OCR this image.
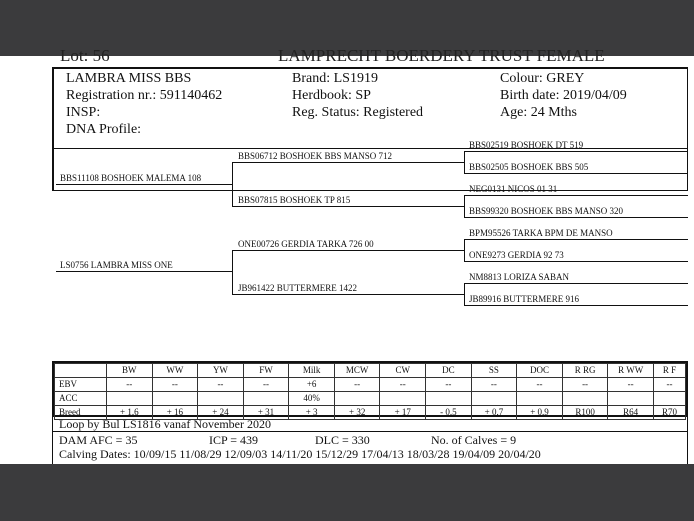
Lot: 56	LAMPRECHT BOERDERY TRUST FEMALE
LAMBRA MISS BBS
Registration nr.: 591140462
INSP:
DNA Profile:
Brand: LS1919
Herdbook: SP
Reg. Status: Registered
Colour: GREY
Birth date: 2019/04/09
Age: 24 Mths
BBS11108 BOSHOEK MALEMA 108
LS0756 LAMBRA MISS ONE
BBS06712 BOSHOEK BBS MANSO 712
BBS07815 BOSHOEK TP 815
ONE00726 GERDIA TARKA 726 00
JB961422 BUTTERMERE 1422
BBS02519 BOSHOEK DT 519
BBS02505 BOSHOEK BBS 505
NEG0131 NICOS 01 31
BBS99320 BOSHOEK BBS MANSO 320
BPM95526 TARKA BPM DE MANSO
ONE9273 GERDIA 92 73
NM8813 LORIZA SABAN
JB89916 BUTTERMERE 916
	BW	WW	YW	FW	Milk	MCW	CW	DC	SS	DOC	R RG	R WW	R F
EBV	--	--	--	--	+6	--	--	--	--	--	--	--	--
ACC					40%								
Breed	+ 1.6	+ 16	+ 24	+ 31	+ 3	+ 32	+ 17	- 0.5	+ 0.7	+ 0.9	R100	R64	R70
Loop by Bul LS1816 vanaf November 2020
DAM AFC = 35	ICP = 439	DLC = 330	No. of Calves = 9
Calving Dates: 10/09/15 11/08/29 12/09/03 14/11/20 15/12/29 17/04/13 18/03/28 19/04/09 20/04/20
